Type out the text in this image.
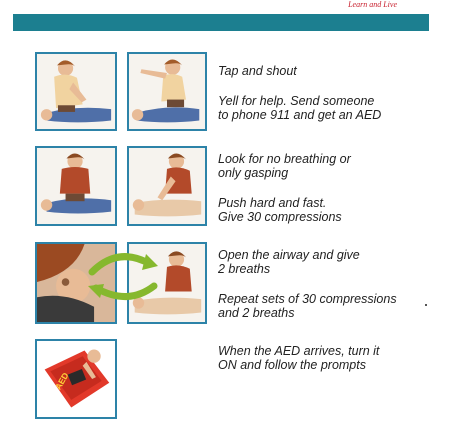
Learn and Live
Tap and shout
Yell for help. Send someone
to phone 911 and get an AED
Look for no breathing or
only gasping
Push hard and fast.
Give 30 compressions
Open the airway and give
2 breaths
Repeat sets of 30 compressions
and 2 breaths
AED
When the AED arrives, turn it
ON and follow the prompts
